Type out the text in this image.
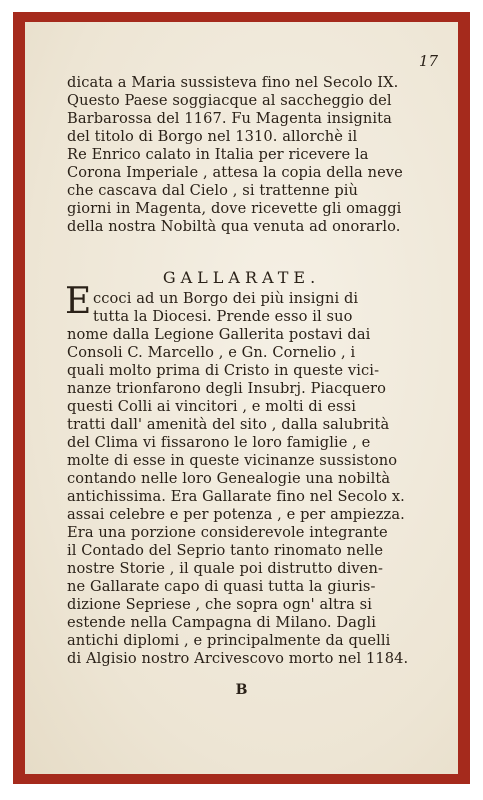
17
dicata a Maria sussisteva fino nel Secolo IX.
Questo Paese soggiacque al saccheggio del
Barbarossa del 1167. Fu Magenta insignita
del titolo di Borgo nel 1310. allorchè il
Re Enrico calato in Italia per ricevere la
Corona Imperiale , attesa la copia della neve
che cascava dal Cielo , si trattenne più
giorni in Magenta, dove ricevette gli omaggi
della nostra Nobiltà qua venuta ad onorarlo.
GALLARATE.
E ccoci ad un Borgo dei più insigni di
tutta la Diocesi. Prende esso il suo
nome dalla Legione Gallerita postavi dai
Consoli C. Marcello , e Gn. Cornelio , i
quali molto prima di Cristo in queste vici-
nanze trionfarono degli Insubrj. Piacquero
questi Colli ai vincitori , e molti di essi
tratti dall' amenità del sito , dalla salubrità
del Clima vi fissarono le loro famiglie , e
molte di esse in queste vicinanze sussistono
contando nelle loro Genealogie una nobiltà
antichissima. Era Gallarate fino nel Secolo x.
assai celebre e per potenza , e per ampiezza.
Era una porzione considerevole integrante
il Contado del Seprio tanto rinomato nelle
nostre Storie , il quale poi distrutto diven-
ne Gallarate capo di quasi tutta la giuris-
dizione Sepriese , che sopra ogn' altra si
estende nella Campagna di Milano. Dagli
antichi diplomi , e principalmente da quelli
di Algisio nostro Arcivescovo morto nel 1184.
B
